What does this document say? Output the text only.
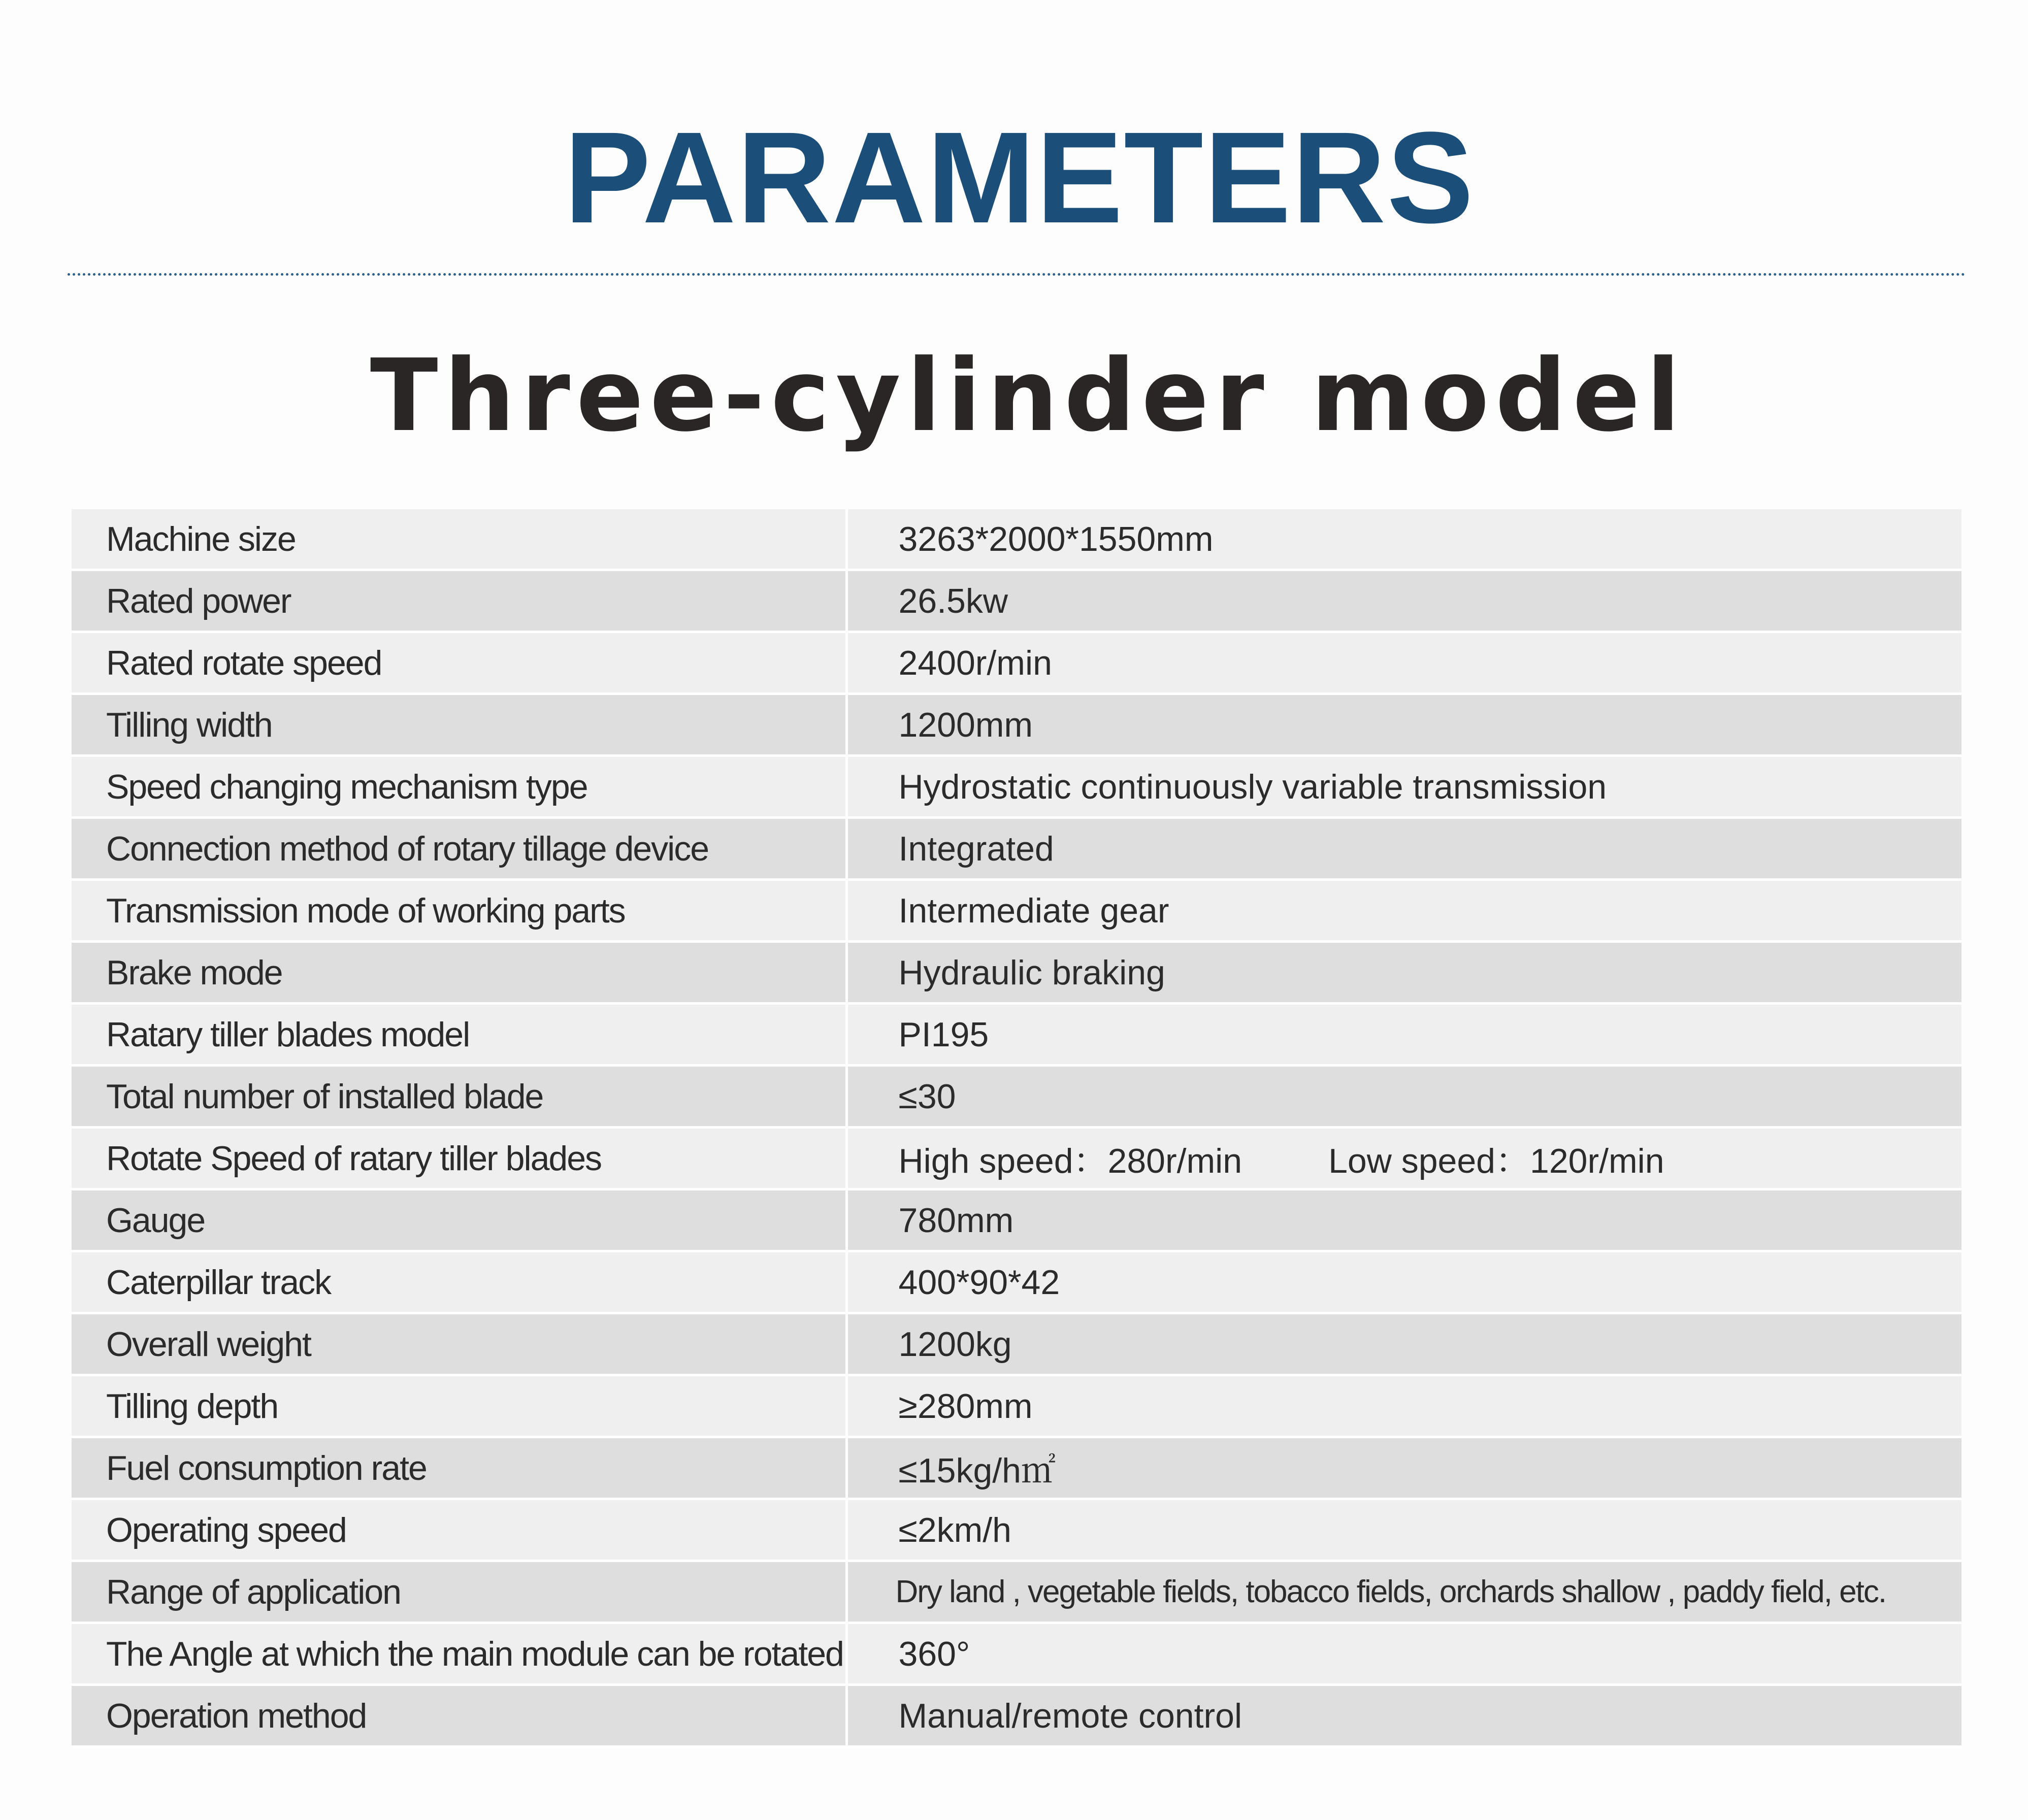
PARAMETERS
Three-cylinder model
Machine size	3263*2000*1550mm
Rated power	26.5kw
Rated rotate speed	2400r/min
Tilling width	1200mm
Speed changing mechanism type	Hydrostatic continuously variable transmission
Connection method of rotary tillage device	Integrated
Transmission mode of working parts	Intermediate gear
Brake mode	Hydraulic braking
Ratary tiller blades model	PI195
Total number of installed blade	≤30
Rotate Speed of ratary tiller blades	High speed：280r/min Low speed：120r/min
Gauge	780mm
Caterpillar track	400*90*42
Overall weight	1200kg
Tilling depth	≥280mm
Fuel consumption rate	≤15kg/h㎡
Operating speed	≤2km/h
Range of application	Dry land , vegetable fields, tobacco fields, orchards shallow , paddy field, etc.
The Angle at which the main module can be rotated	360°
Operation method	Manual/remote control
